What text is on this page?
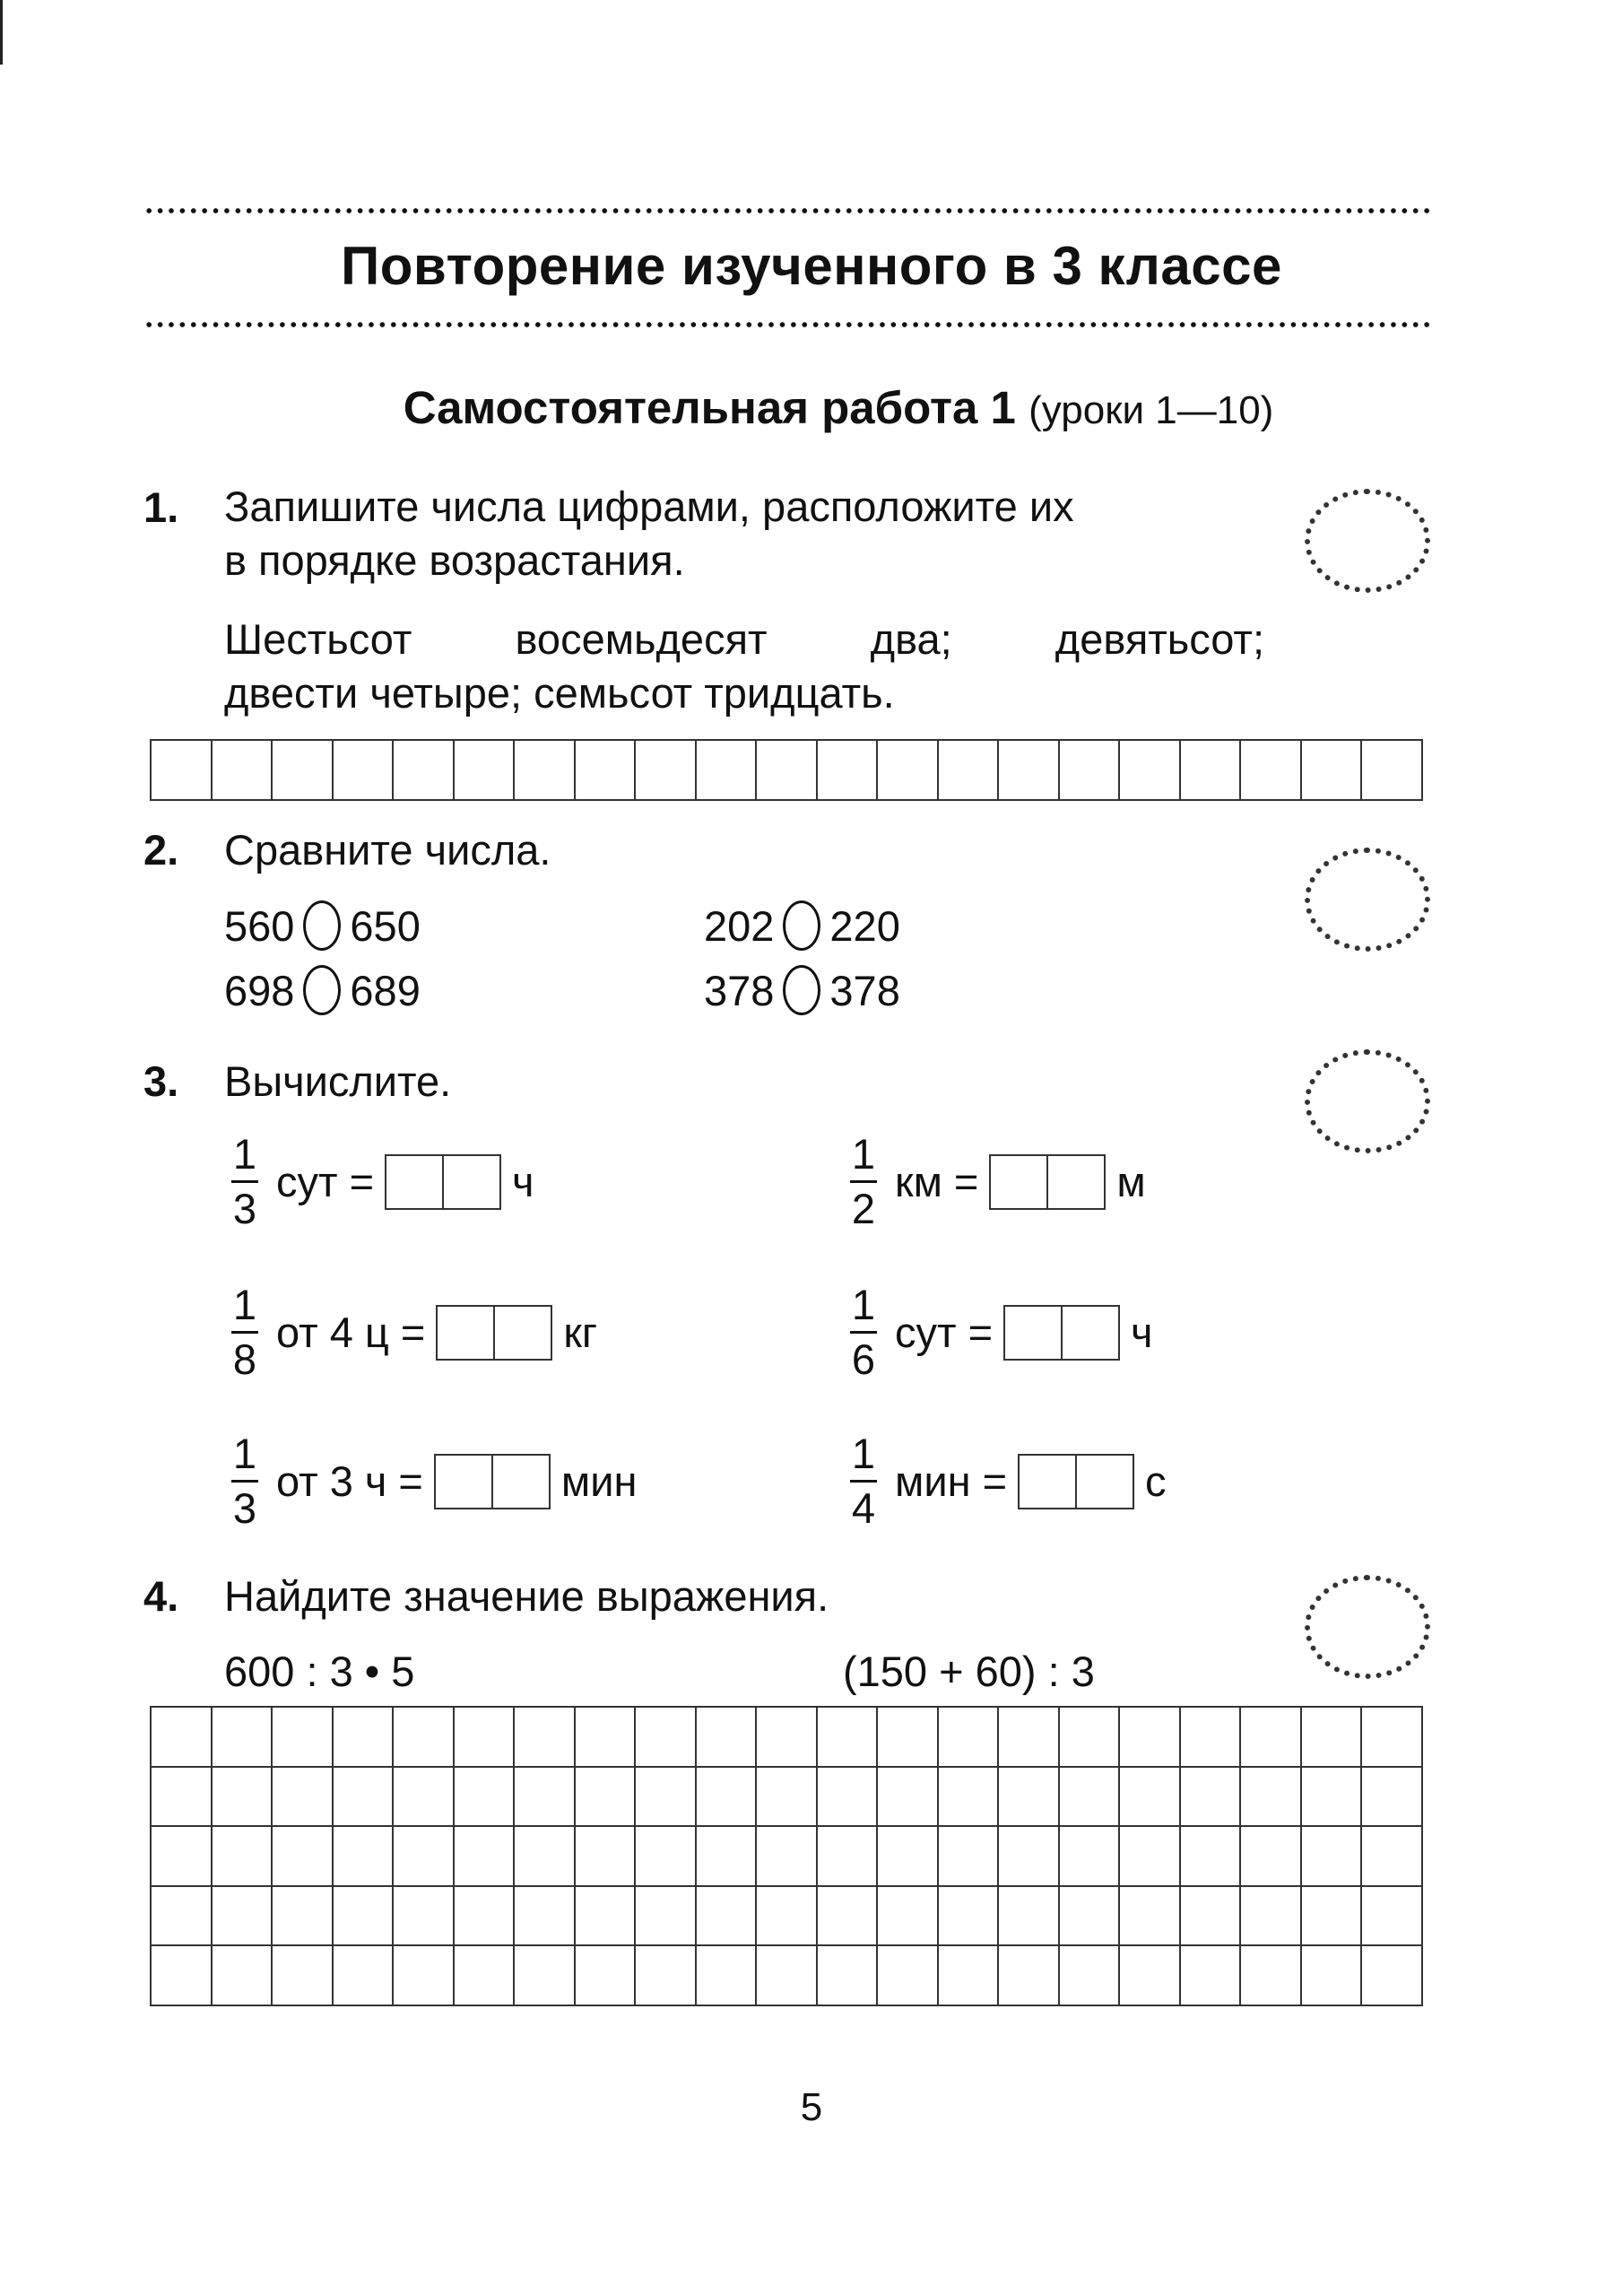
Повторение изученного в 3 классе
Самостоятельная работа 1 (уроки 1—10)
1. Запишите числа цифрами, расположите их
в порядке возрастания.
Шестьсот восемьдесят два; девятьсот;
двести четыре; семьсот тридцать.
2. Сравните числа.
560 650	202 220
698 689	378 378
3. Вычислите.
1
3
сут =	ч
1
2
км =	м
1
8
от 4 ц =	кг
1
6
сут =	ч
1
3
от 3 ч =	мин
1
4
мин =	с
4. Найдите значение выражения.
600 : 3 • 5	(150 + 60) : 3
5
